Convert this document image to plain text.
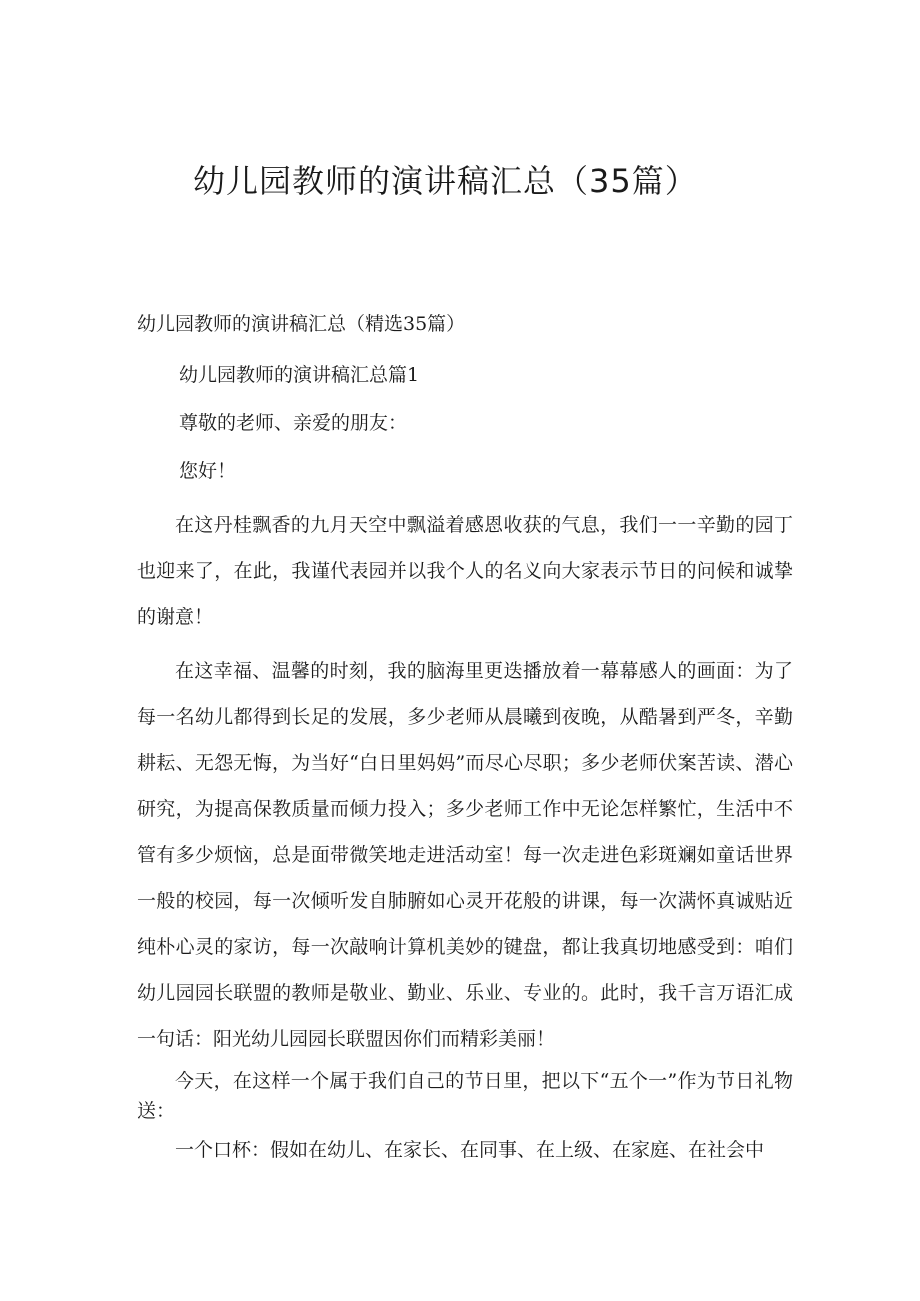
幼儿园教师的演讲稿汇总（35篇）

幼儿园教师的演讲稿汇总（精选35篇）

幼儿园教师的演讲稿汇总篇1

尊敬的老师、亲爱的朋友：

您好！

在这丹桂飘香的九月天空中飘溢着感恩收获的气息，我们一一辛勤的园丁也迎来了，在此，我谨代表园并以我个人的名义向大家表示节日的问候和诚挚的谢意！

在这幸福、温馨的时刻，我的脑海里更迭播放着一幕幕感人的画面：为了每一名幼儿都得到长足的发展，多少老师从晨曦到夜晚，从酷暑到严冬，辛勤耕耘、无怨无悔，为当好“白日里妈妈”而尽心尽职；多少老师伏案苦读、潜心研究，为提高保教质量而倾力投入；多少老师工作中无论怎样繁忙，生活中不管有多少烦恼，总是面带微笑地走进活动室！每一次走进色彩斑斓如童话世界一般的校园，每一次倾听发自肺腑如心灵开花般的讲课，每一次满怀真诚贴近纯朴心灵的家访，每一次敲响计算机美妙的键盘，都让我真切地感受到：咱们幼儿园园长联盟的教师是敬业、勤业、乐业、专业的。此时，我千言万语汇成一句话：阳光幼儿园园长联盟因你们而精彩美丽！

今天，在这样一个属于我们自己的节日里，把以下“五个一”作为节日礼物送：

一个口杯：假如在幼儿、在家长、在同事、在上级、在家庭、在社会中
